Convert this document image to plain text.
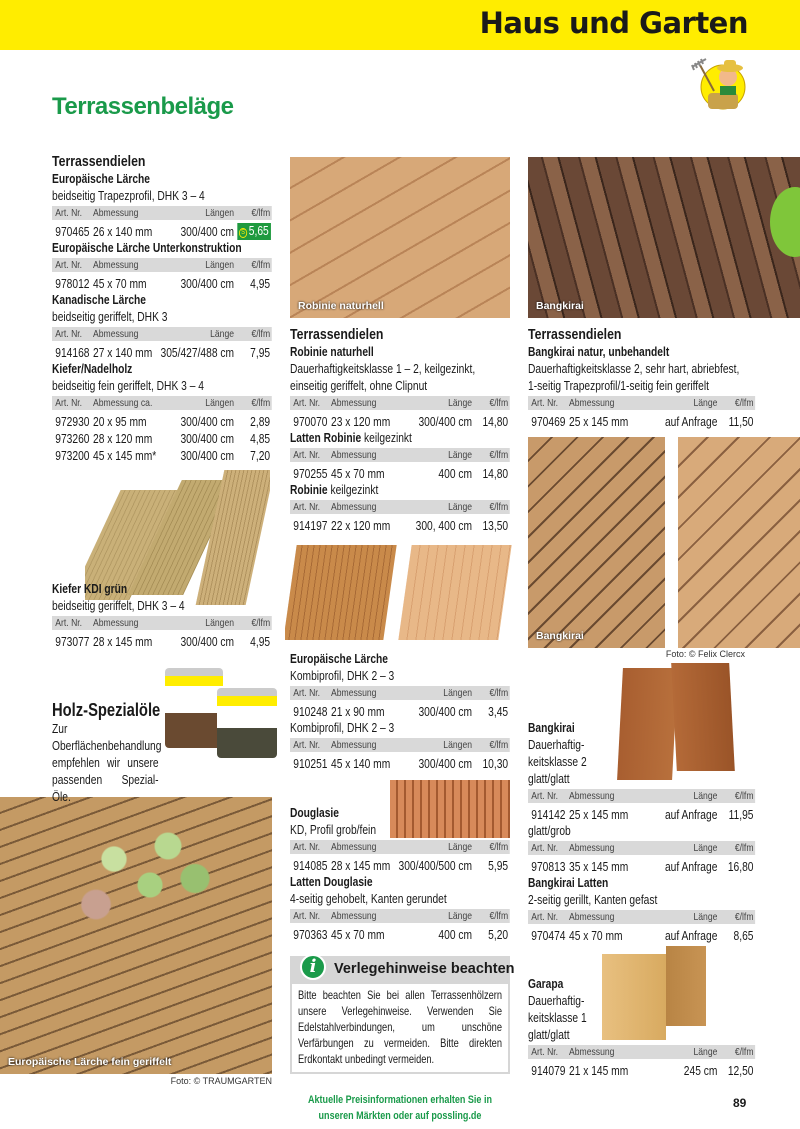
Haus und Garten
Terrassenbeläge
Robinie naturhell	Bangkirai
Bangkirai
Foto: © Felix Clercx
Europäische Lärche fein geriffelt
Foto: © TRAUMGARTEN
Terrassendielen
Europäische Lärche
beidseitig Trapezprofil, DHK 3 – 4
Art. Nr.	Abmessung	Längen	€/lfm
970465 26 x 140 mm	300/400 cm	S 5,65
Europäische Lärche Unterkonstruktion
Art. Nr.	Abmessung	Längen	€/lfm
978012 45 x 70 mm	300/400 cm	4,95
Kanadische Lärche
beidseitig geriffelt, DHK 3
Art. Nr.	Abmessung	Länge	€/lfm
914168 27 x 140 mm 305/427/488 cm	7,95
Kiefer/Nadelholz
beidseitig fein geriffelt, DHK 3 – 4
Art. Nr.	Abmessung ca.	Längen	€/lfm
972930 20 x 95 mm	300/400 cm	2,89
973260 28 x 120 mm	300/400 cm	4,85
973200 45 x 145 mm*	300/400 cm	7,20
Kiefer KDI grün
beidseitig geriffelt, DHK 3 – 4
Art. Nr.	Abmessung	Längen	€/lfm
973077 28 x 145 mm	300/400 cm	4,95
Holz-Spezialöle
Zur Oberflächenbehandlung empfehlen wir unsere passenden Spezial-Öle.
Terrassendielen
Robinie naturhell
Dauerhaftigkeitsklasse 1 – 2, keilgezinkt,
einseitig geriffelt, ohne Clipnut
Art. Nr.	Abmessung	Länge	€/lfm
970070 23 x 120 mm	300/400 cm 14,80
Latten Robinie keilgezinkt
Art. Nr.	Abmessung	Länge	€/lfm
970255 45 x 70 mm	400 cm 14,80
Robinie keilgezinkt
Art. Nr.	Abmessung	Länge	€/lfm
914197 22 x 120 mm	300, 400 cm 13,50
Europäische Lärche
Kombiprofil, DHK 2 – 3
Art. Nr.	Abmessung	Längen	€/lfm
910248 21 x 90 mm	300/400 cm	3,45
Kombiprofil, DHK 2 – 3
Art. Nr.	Abmessung	Längen	€/lfm
910251 45 x 140 mm	300/400 cm 10,30
Douglasie
KD, Profil grob/fein
Art. Nr.	Abmessung	Länge	€/lfm
914085 28 x 145 mm 300/400/500 cm	5,95
Latten Douglasie
4-seitig gehobelt, Kanten gerundet
Art. Nr.	Abmessung	Länge	€/lfm
970363 45 x 70 mm	400 cm	5,20
Terrassendielen
Bangkirai natur, unbehandelt
Dauerhaftigkeitsklasse 2, sehr hart, abriebfest,
1-seitig Trapezprofil/1-seitig fein geriffelt
Art. Nr.	Abmessung	Länge	€/lfm
970469 25 x 145 mm	auf Anfrage 11,50
Bangkirai
Dauerhaftig-
keitsklasse 2
glatt/glatt
Art. Nr.	Abmessung	Länge	€/lfm
914142 25 x 145 mm	auf Anfrage 11,95
glatt/grob
Art. Nr.	Abmessung	Länge	€/lfm
970813 35 x 145 mm	auf Anfrage 16,80
Bangkirai Latten
2-seitig gerillt, Kanten gefast
Art. Nr.	Abmessung	Länge	€/lfm
970474 45 x 70 mm	auf Anfrage	8,65
Garapa
Dauerhaftig-
keitsklasse 1
glatt/glatt
Art. Nr.	Abmessung	Länge	€/lfm
914079 21 x 145 mm	245 cm 12,50
i	Verlegehinweise beachten
Bitte beachten Sie bei allen Terrassenhölzern unsere Verlegehinweise. Verwenden Sie Edelstahlverbindungen, um unschöne Verfärbungen zu vermeiden. Bitte direkten Erdkontakt unbedingt vermeiden.
Aktuelle Preisinformationen erhalten Sie in
unseren Märkten oder auf possling.de
89
